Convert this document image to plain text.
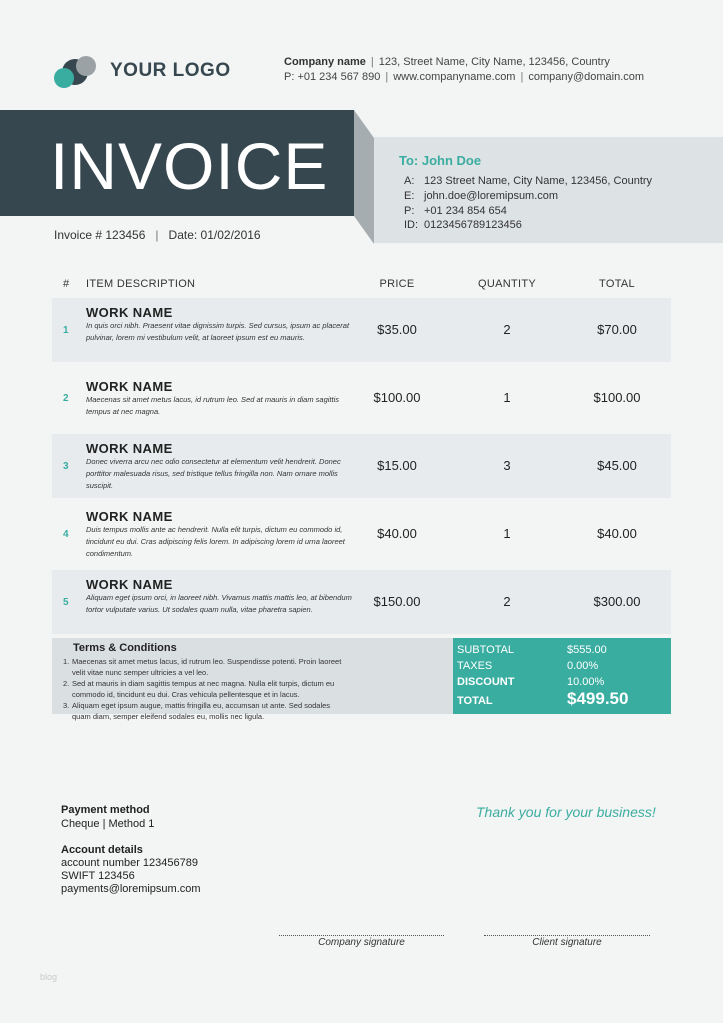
YOUR LOGO	Company name | 123, Street Name, City Name, 123456, Country
P: +01 234 567 890 | www.companyname.com | company@domain.com
INVOICE
Invoice # 123456 | Date: 01/02/2016
To: John Doe
A: 123 Street Name, City Name, 123456, Country
E: john.doe@loremipsum.com
P: +01 234 854 654
ID: 0123456789123456
# ITEM DESCRIPTION	PRICE	QUANTITY	TOTAL
1
WORK NAME
In quis orci nibh. Praesent vitae dignissim turpis. Sed cursus, ipsum ac placerat pulvinar, lorem mi vestibulum velit, at laoreet ipsum est eu mauris.
$35.00	2	$70.00
2
WORK NAME
Maecenas sit amet metus lacus, id rutrum leo. Sed at mauris in diam sagittis tempus at nec magna.
$100.00	1	$100.00
3
WORK NAME
Donec viverra arcu nec odio consectetur at elementum velit hendrerit. Donec porttitor malesuada risus, sed tristique tellus fringilla non. Nam ornare mollis suscipit.
$15.00	3	$45.00
4
WORK NAME
Duis tempus mollis ante ac hendrerit. Nulla elit turpis, dictum eu commodo id, tincidunt eu dui. Cras adipiscing felis lorem. In adipiscing lorem id urna laoreet condimentum.
$40.00	1	$40.00
5
WORK NAME
Aliquam eget ipsum orci, in laoreet nibh. Vivamus mattis mattis leo, at bibendum tortor vulputate varius. Ut sodales quam nulla, vitae pharetra sapien.
$150.00	2	$300.00
Terms & Conditions
1. Maecenas sit amet metus lacus, id rutrum leo. Suspendisse potenti. Proin laoreet velit vitae nunc semper ultricies a vel leo.
2. Sed at mauris in diam sagittis tempus at nec magna. Nulla elit turpis, dictum eu commodo id, tincidunt eu dui. Cras vehicula pellentesque et in lacus.
3. Aliquam eget ipsum augue, mattis fringilla eu, accumsan ut ante. Sed sodales quam diam, semper eleifend sodales eu, mollis nec ligula.
SUBTOTAL	$555.00
TAXES	0.00%
DISCOUNT	10.00%
TOTAL	$499.50
Payment method
Cheque | Method 1
Account details
account number 123456789
SWIFT 123456
payments@loremipsum.com
Thank you for your business!
Company signature	Client signature
blog
